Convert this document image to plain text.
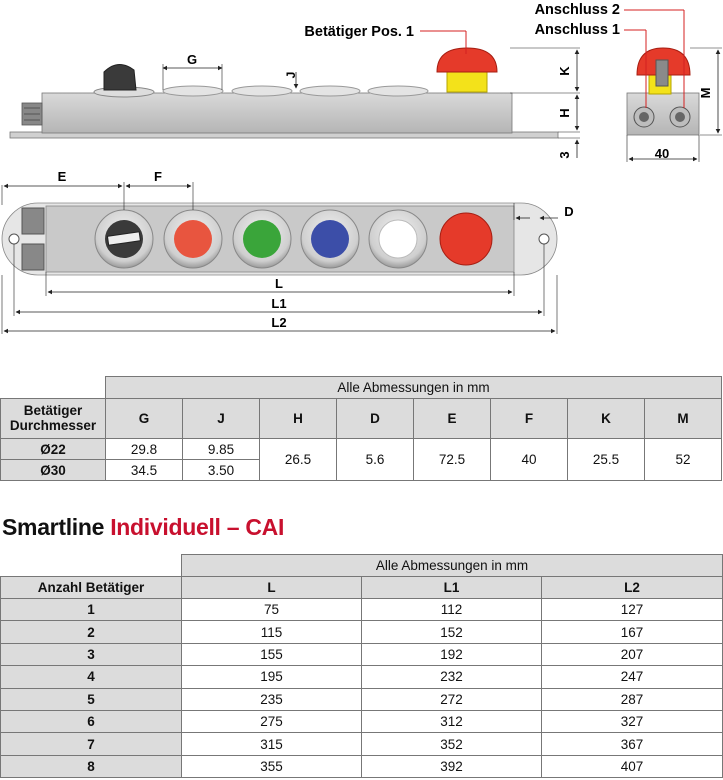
G
J	K
H
3
Betätiger Pos. 1
Anschluss 2
Anschluss 1
M
40
E	F
D
L
L1
L2
	Alle Abmessungen in mm							
Betätiger Durchmesser	G	J	H	D	E	F	K	M
Ø22	29.8	9.85	26.5	5.6	72.5	40	25.5	52
Ø30	34.5	3.50						
Smartline Individuell – CAI
	Alle Abmessungen in mm		
Anzahl Betätiger	L	L1	L2
1	75	112	127
2	115	152	167
3	155	192	207
4	195	232	247
5	235	272	287
6	275	312	327
7	315	352	367
8	355	392	407
